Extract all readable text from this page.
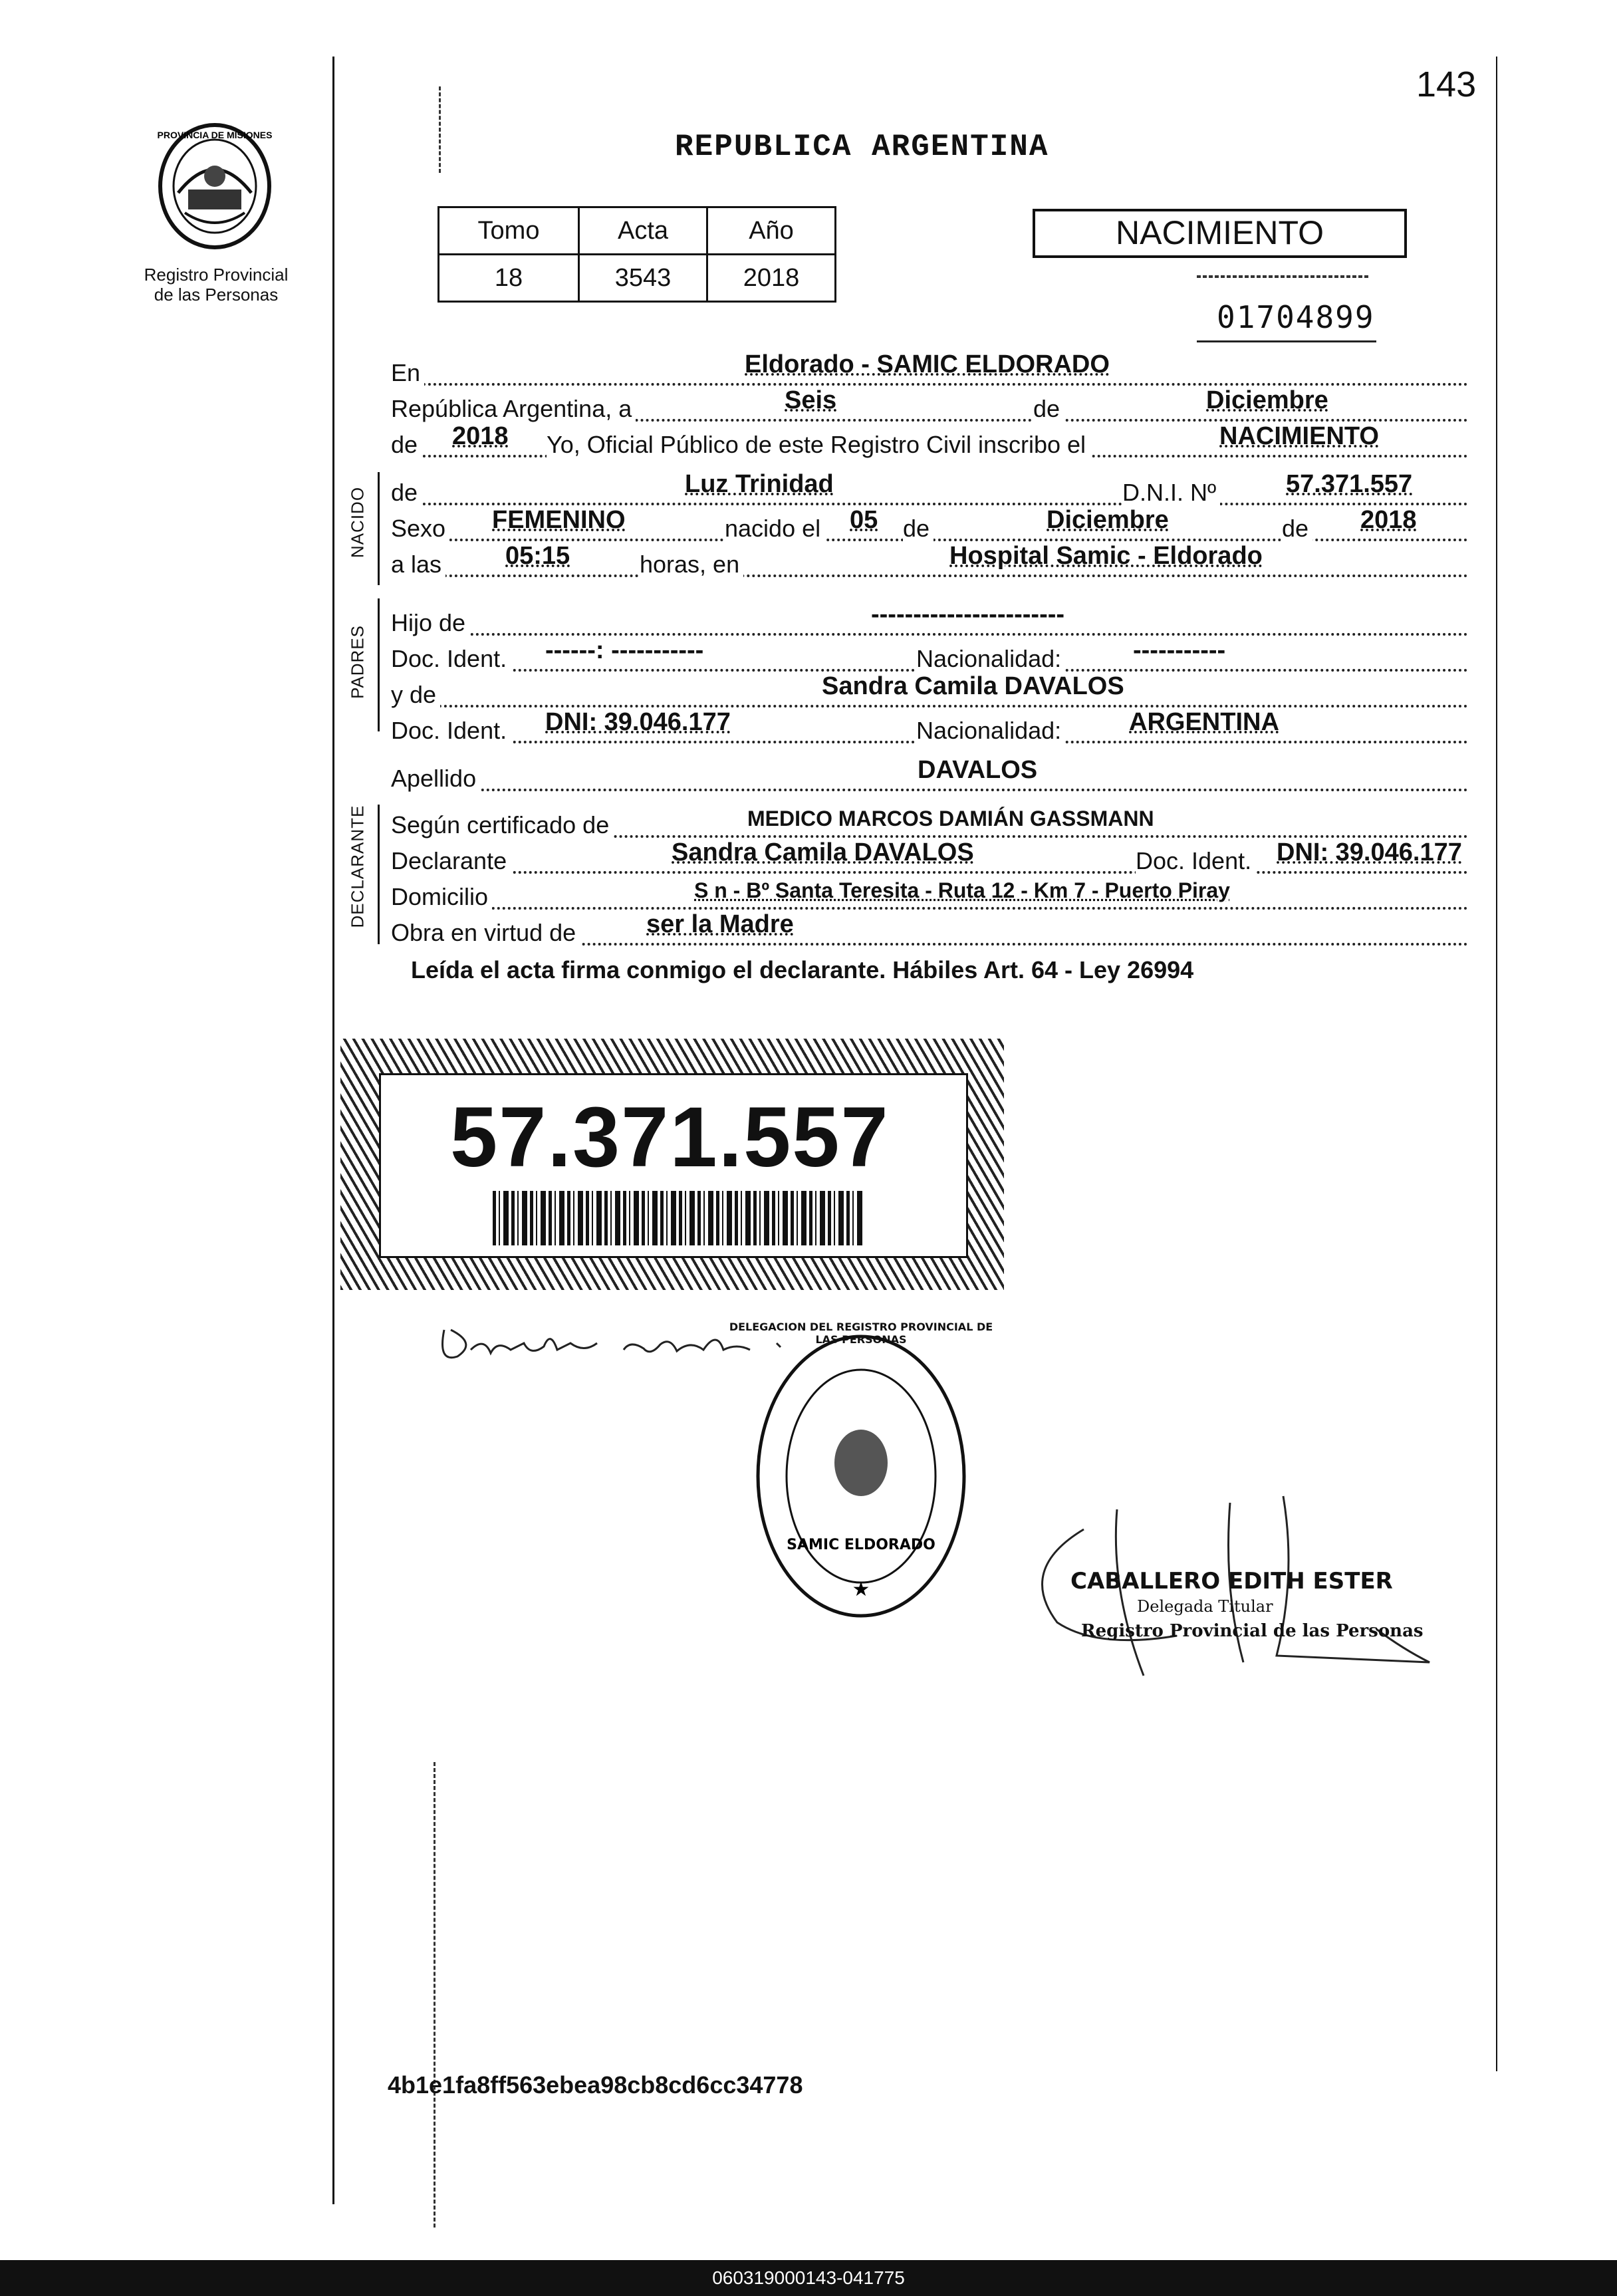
PROVINCIA DE MISIONES
Registro Provincial
de las Personas
143
REPUBLICA ARGENTINA
Tomo	Acta	Año
18	3543	2018
NACIMIENTO
01704899
En	Eldorado - SAMIC ELDORADO
República Argentina, a	Seis	de	Diciembre
de 2018 Yo, Oficial Público de este Registro Civil inscribo el	NACIMIENTO
NACIDO de	Luz Trinidad	D.N.I. Nº	57.371.557
Sexo FEMENINO	nacido el 05 de	Diciembre	de 2018
a las	05:15	horas, en	Hospital Samic - Eldorado
PADRES
Hijo de	-----------------------
Doc. Ident. ------: -----------	Nacionalidad:	-----------
y de	Sandra Camila DAVALOS
Doc. Ident. DNI: 39.046.177	Nacionalidad:	ARGENTINA
Apellido	DAVALOS
DECLARANTE Según certificado de	MEDICO MARCOS DAMIÁN GASSMANN
Declarante	Sandra Camila DAVALOS	Doc. Ident. DNI: 39.046.177
Domicilio	S n - Bº Santa Teresita - Ruta 12 - Km 7 - Puerto Piray
Obra en virtud de	ser la Madre
Leída el acta firma conmigo el declarante. Hábiles Art. 64 - Ley 26994
57.371.557
SAMIC ELDORADO
★
DELEGACION DEL REGISTRO PROVINCIAL DE LAS PERSONAS
CABALLERO EDITH ESTER
Delegada Titular
Registro Provincial de las Personas
4b1e1fa8ff563ebea98cb8cd6cc34778
060319000143-041775
